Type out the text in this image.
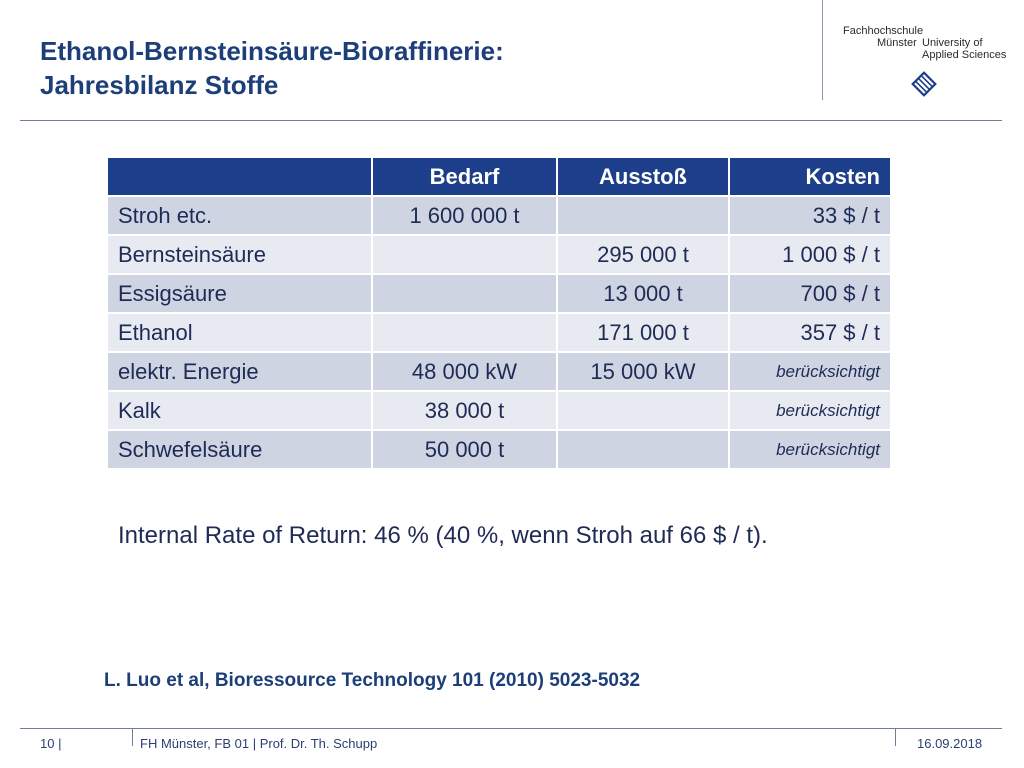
Ethanol-Bernsteinsäure-Bioraffinerie:
Jahresbilanz Stoffe
Fachhochschule
Münster University of
Applied Sciences
	Bedarf	Ausstoß	Kosten
Stroh etc.	1 600 000 t		33 $ / t
Bernsteinsäure		295 000 t	1 000 $ / t
Essigsäure		13 000 t	700 $ / t
Ethanol		171 000 t	357 $ / t
elektr. Energie	48 000 kW	15 000 kW	berücksichtigt
Kalk	38 000 t		berücksichtigt
Schwefelsäure	50 000 t		berücksichtigt
Internal Rate of Return: 46 % (40 %, wenn Stroh auf 66 $ / t).
L. Luo et al, Bioressource Technology 101 (2010) 5023-5032
10 |	FH Münster, FB 01 | Prof. Dr. Th. Schupp	16.09.2018
